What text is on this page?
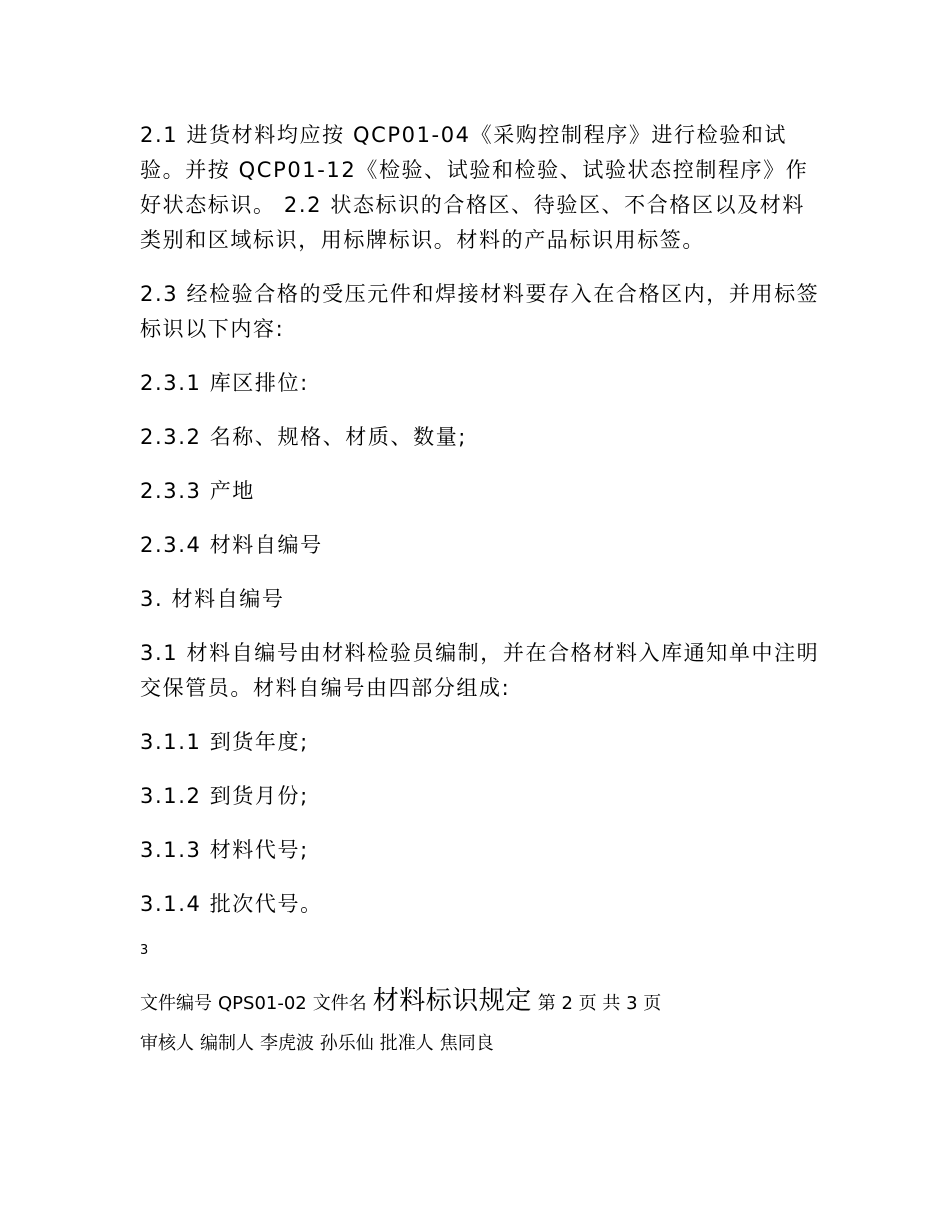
2.1 进货材料均应按 QCP01-04《采购控制程序》进行检验和试验。并按 QCP01-12《检验、试验和检验、试验状态控制程序》作好状态标识。 2.2 状态标识的合格区、待验区、不合格区以及材料类别和区域标识，用标牌标识。材料的产品标识用标签。

2.3 经检验合格的受压元件和焊接材料要存入在合格区内，并用标签标识以下内容:

2.3.1 库区排位:

2.3.2 名称、规格、材质、数量;

2.3.3 产地

2.3.4 材料自编号

3. 材料自编号

3.1 材料自编号由材料检验员编制，并在合格材料入库通知单中注明交保管员。材料自编号由四部分组成:

3.1.1 到货年度;

3.1.2 到货月份;

3.1.3 材料代号;

3.1.4 批次代号。

3

文件编号 QPS01-02 文件名 材料标识规定 第 2 页 共 3 页

审核人 编制人 李虎波 孙乐仙 批准人 焦同良
